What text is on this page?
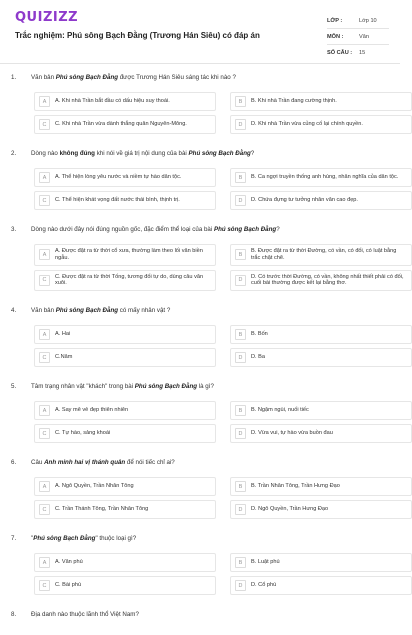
QUIZIZZ
Trắc nghiệm: Phú sông Bạch Đằng (Trương Hán Siêu) có đáp án
LỚP :	Lớp 10
MÔN :	Văn
SỐ CÂU :	15
1.	Văn bản Phú sông Bạch Đằng được Trương Hán Siêu sáng tác khi nào ?
A	A. Khi nhà Trần bắt đầu có dấu hiệu suy thoái.	B	B. Khi nhà Trần đang cường thịnh.
C	C. Khi nhà Trần vừa dành thắng quân Nguyên-Mông.	D	D. Khi nhà Trần vừa củng cố lại chính quyền.
2.	Dòng nào không đúng khi nói về giá trị nội dung của bài Phú sông Bạch Đằng?
A	A. Thể hiện lòng yêu nước và niềm tự hào dân tộc.	B	B. Ca ngợi truyền thống anh hùng, nhân nghĩa của dân tộc.
C	C. Thể hiện khát vọng đất nước thái bình, thịnh trị.	D	D. Chứa đựng tư tưởng nhân văn cao đẹp.
3.	Dòng nào dưới đây nói đúng nguồn gốc, đặc điểm thể loại của bài Phú sông Bạch Đằng?
A
A. Được đặt ra từ thời cổ xưa, thường làm theo lối văn biền ngẫu.	B
B. Được đặt ra từ thời Đường, có vần, có đối, có luật bằng trắc chặt chẽ.
C
C. Được đặt ra từ thời Tống, tương đối tự do, dùng câu văn xuôi.	D
D. Có trước thời Đường, có vần, không nhất thiết phải có đối, cuối bài thường được kết lại bằng thơ.
4.	Văn bản Phú sông Bạch Đằng có mấy nhân vật ?
A	A. Hai	B	B. Bốn
C	C.Năm	D	D. Ba
5.	Tâm trạng nhân vật "khách" trong bài Phú sông Bạch Đằng là gì?
A	A. Say mê vẻ đẹp thiên nhiên	B	B. Ngậm ngùi, nuối tiếc
C	C. Tự hào, sảng khoái	D	D. Vừa vui, tự hào vừa buồn đau
6.	Câu Anh minh hai vị thánh quân để nói tiếc chỉ ai?
A	A. Ngô Quyền, Trần Nhân Tông	B	B. Trần Nhân Tông, Trần Hưng Đạo
C	C. Trần Thánh Tông, Trần Nhân Tông	D	D. Ngô Quyền, Trần Hưng Đạo
7.	"Phú sông Bạch Đằng" thuộc loại gì?
A	A. Văn phú	B	B. Luật phú
C	C. Bài phú	D	D. Cổ phú
8.	Địa danh nào thuộc lãnh thổ Việt Nam?
